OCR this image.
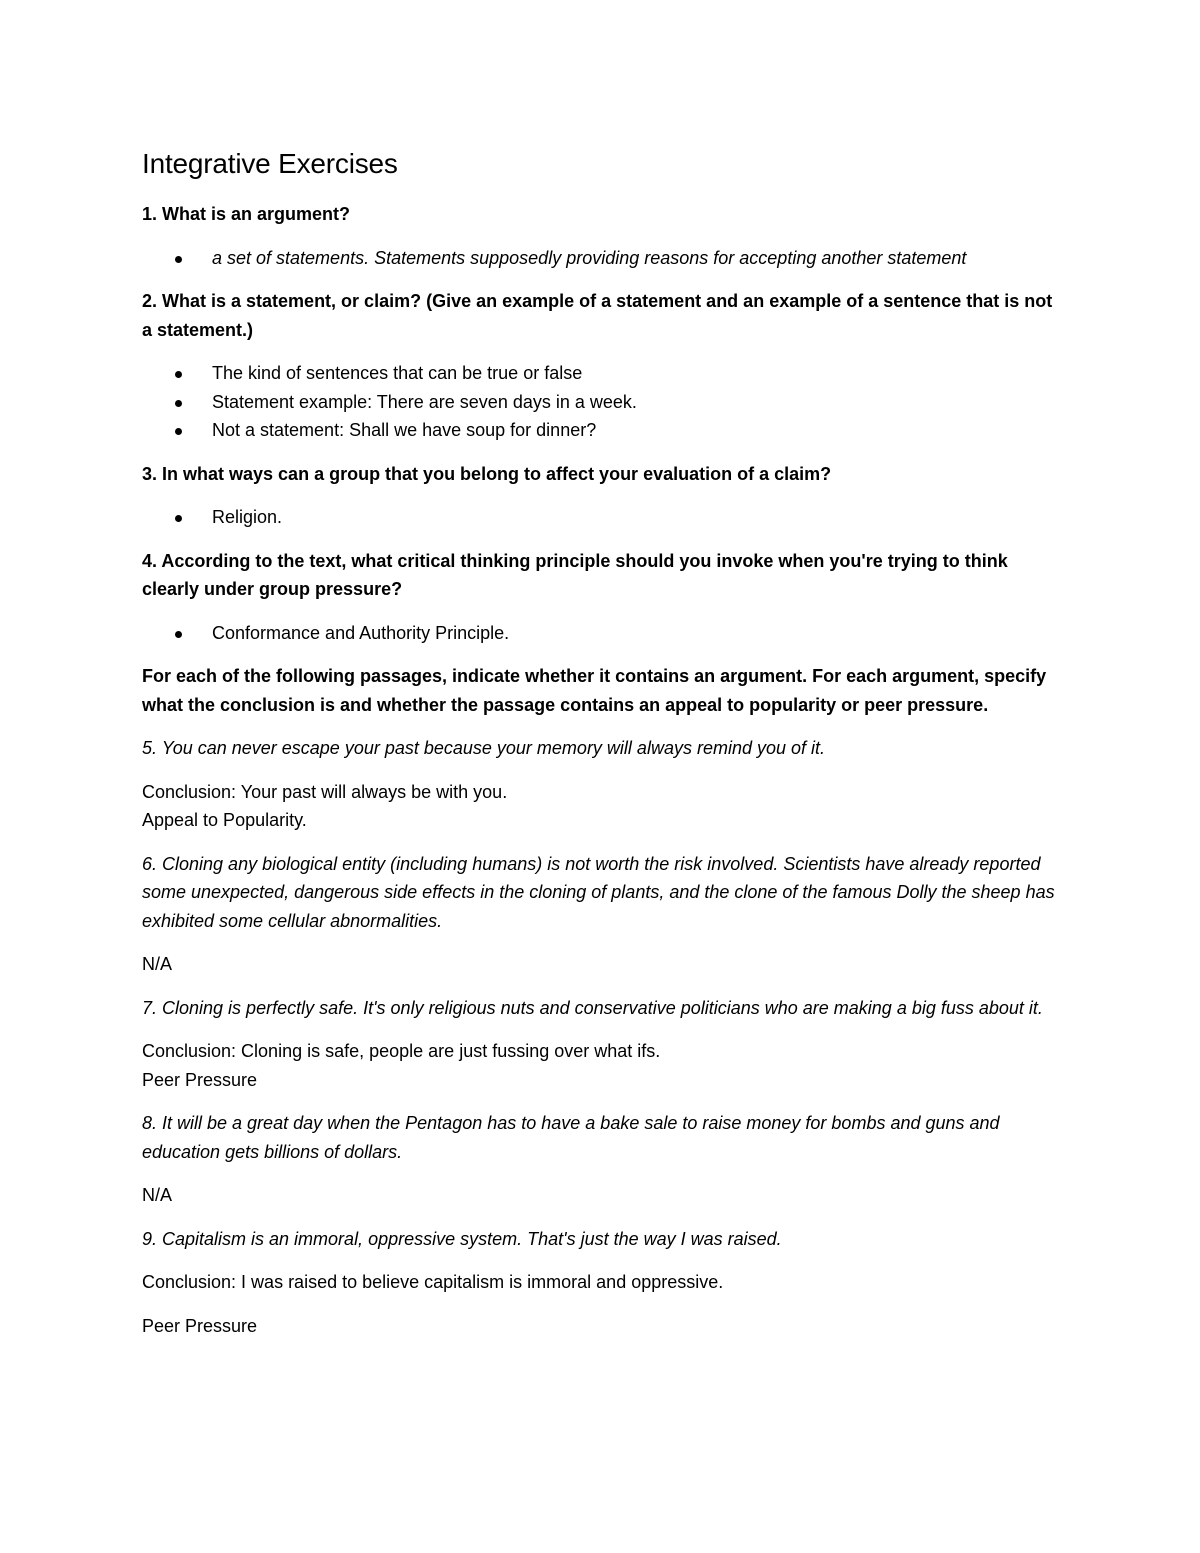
Integrative Exercises

1. What is an argument?

a set of statements. Statements supposedly providing reasons for accepting another statement

2. What is a statement, or claim? (Give an example of a statement and an example of a sentence that is not a statement.)

The kind of sentences that can be true or false
Statement example: There are seven days in a week.
Not a statement: Shall we have soup for dinner?

3. In what ways can a group that you belong to affect your evaluation of a claim?

Religion.

4. According to the text, what critical thinking principle should you invoke when you're trying to think clearly under group pressure?

Conformance and Authority Principle.

For each of the following passages, indicate whether it contains an argument. For each argument, specify what the conclusion is and whether the passage contains an appeal to popularity or peer pressure.

5. You can never escape your past because your memory will always remind you of it.

Conclusion: Your past will always be with you.

Appeal to Popularity.

6. Cloning any biological entity (including humans) is not worth the risk involved. Scientists have already reported some unexpected, dangerous side effects in the cloning of plants, and the clone of the famous Dolly the sheep has exhibited some cellular abnormalities.

N/A

7. Cloning is perfectly safe. It's only religious nuts and conservative politicians who are making a big fuss about it.

Conclusion: Cloning is safe, people are just fussing over what ifs.

Peer Pressure

8. It will be a great day when the Pentagon has to have a bake sale to raise money for bombs and guns and education gets billions of dollars.

N/A

9. Capitalism is an immoral, oppressive system. That's just the way I was raised.

Conclusion: I was raised to believe capitalism is immoral and oppressive.

Peer Pressure
